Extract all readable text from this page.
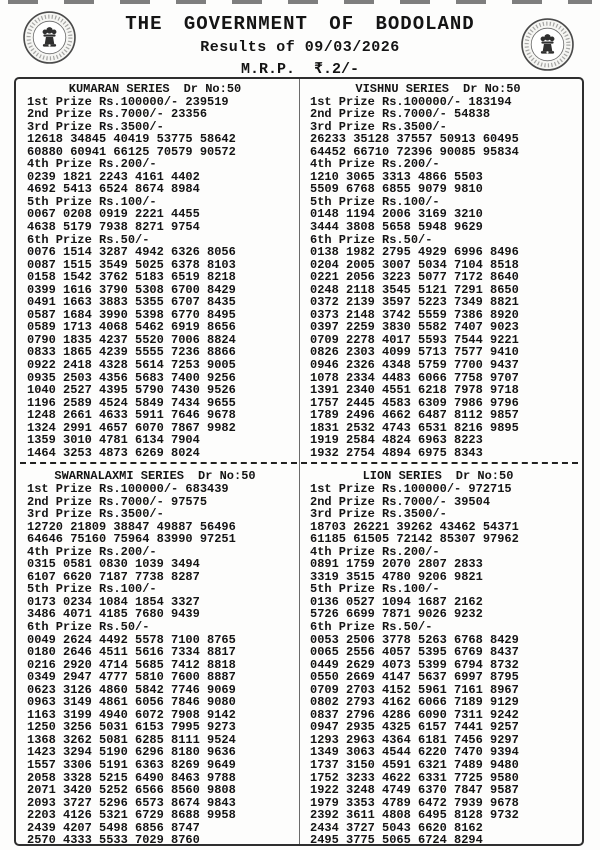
THE GOVERNMENT OF BODOLAND
Results of 09/03/2026
M.R.P. ₹.2/-
KUMARAN SERIES Dr No:50
1st Prize Rs.100000/- 239519
2nd Prize Rs.7000/- 23356
3rd Prize Rs.3500/-
12618 34845 40419 53775 58642
60880 60941 66125 70579 90572
4th Prize Rs.200/-
0239 1821 2243 4161 4402
4692 5413 6524 8674 8984
5th Prize Rs.100/-
0067 0208 0919 2221 4455
4638 5179 7938 8271 9754
6th Prize Rs.50/-
0076 1514 3287 4942 6326 8056
0087 1515 3549 5025 6378 8103
0158 1542 3762 5183 6519 8218
0399 1616 3790 5308 6700 8429
0491 1663 3883 5355 6707 8435
0587 1684 3990 5398 6770 8495
0589 1713 4068 5462 6919 8656
0790 1835 4237 5520 7006 8824
0833 1865 4239 5555 7236 8866
0922 2418 4328 5614 7253 9005
0935 2503 4356 5683 7400 9256
1040 2527 4395 5790 7430 9526
1196 2589 4524 5849 7434 9655
1248 2661 4633 5911 7646 9678
1324 2991 4657 6070 7867 9982
1359 3010 4781 6134 7904
1464 3253 4873 6269 8024
VISHNU SERIES Dr No:50
1st Prize Rs.100000/- 183194
2nd Prize Rs.7000/- 54838
3rd Prize Rs.3500/-
26233 35128 37557 50913 60495
64452 66710 72396 90085 95834
4th Prize Rs.200/-
1210 3065 3313 4866 5503
5509 6768 6855 9079 9810
5th Prize Rs.100/-
0148 1194 2006 3169 3210
3444 3808 5658 5948 9629
6th Prize Rs.50/-
0138 1982 2795 4929 6996 8496
0204 2005 3007 5034 7104 8518
0221 2056 3223 5077 7172 8640
0248 2118 3545 5121 7291 8650
0372 2139 3597 5223 7349 8821
0373 2148 3742 5559 7386 8920
0397 2259 3830 5582 7407 9023
0709 2278 4017 5593 7544 9221
0826 2303 4099 5713 7577 9410
0946 2326 4348 5759 7700 9437
1078 2334 4483 6066 7758 9707
1391 2340 4551 6218 7978 9718
1757 2445 4583 6309 7986 9796
1789 2496 4662 6487 8112 9857
1831 2532 4743 6531 8216 9895
1919 2584 4824 6963 8223
1932 2754 4894 6975 8343
SWARNALAXMI SERIES Dr No:50
1st Prize Rs.100000/- 683439
2nd Prize Rs.7000/- 97575
3rd Prize Rs.3500/-
12720 21809 38847 49887 56496
64646 75160 75964 83990 97251
4th Prize Rs.200/-
0315 0581 0830 1039 3494
6107 6620 7187 7738 8287
5th Prize Rs.100/-
0173 0234 1084 1854 3327
3486 4071 4185 7680 9439
6th Prize Rs.50/-
0049 2624 4492 5578 7100 8765
0180 2646 4511 5616 7334 8817
0216 2920 4714 5685 7412 8818
0349 2947 4777 5810 7600 8887
0623 3126 4860 5842 7746 9069
0963 3149 4861 6056 7846 9080
1163 3199 4940 6072 7908 9142
1250 3256 5031 6153 7995 9273
1368 3262 5081 6285 8111 9524
1423 3294 5190 6296 8180 9636
1557 3306 5191 6363 8269 9649
2058 3328 5215 6490 8463 9788
2071 3420 5252 6566 8560 9808
2093 3727 5296 6573 8674 9843
2203 4126 5321 6729 8688 9958
2439 4207 5498 6856 8747
2570 4333 5533 7029 8760
LION SERIES Dr No:50
1st Prize Rs.100000/- 972715
2nd Prize Rs.7000/- 39504
3rd Prize Rs.3500/-
18703 26221 39262 43462 54371
61185 61505 72142 85307 97962
4th Prize Rs.200/-
0891 1759 2070 2807 2833
3319 3515 4780 9206 9821
5th Prize Rs.100/-
0136 0527 1094 1687 2162
5726 6699 7871 9026 9232
6th Prize Rs.50/-
0053 2506 3778 5263 6768 8429
0065 2556 4057 5395 6769 8437
0449 2629 4073 5399 6794 8732
0550 2669 4147 5637 6997 8795
0709 2703 4152 5961 7161 8967
0802 2793 4162 6066 7189 9129
0837 2796 4286 6090 7311 9242
0947 2935 4325 6157 7441 9257
1293 2963 4364 6181 7456 9297
1349 3063 4544 6220 7470 9394
1737 3150 4591 6321 7489 9480
1752 3233 4622 6331 7725 9580
1922 3248 4749 6370 7847 9587
1979 3353 4789 6472 7939 9678
2392 3611 4808 6495 8128 9732
2434 3727 5043 6620 8162
2495 3775 5065 6724 8294
